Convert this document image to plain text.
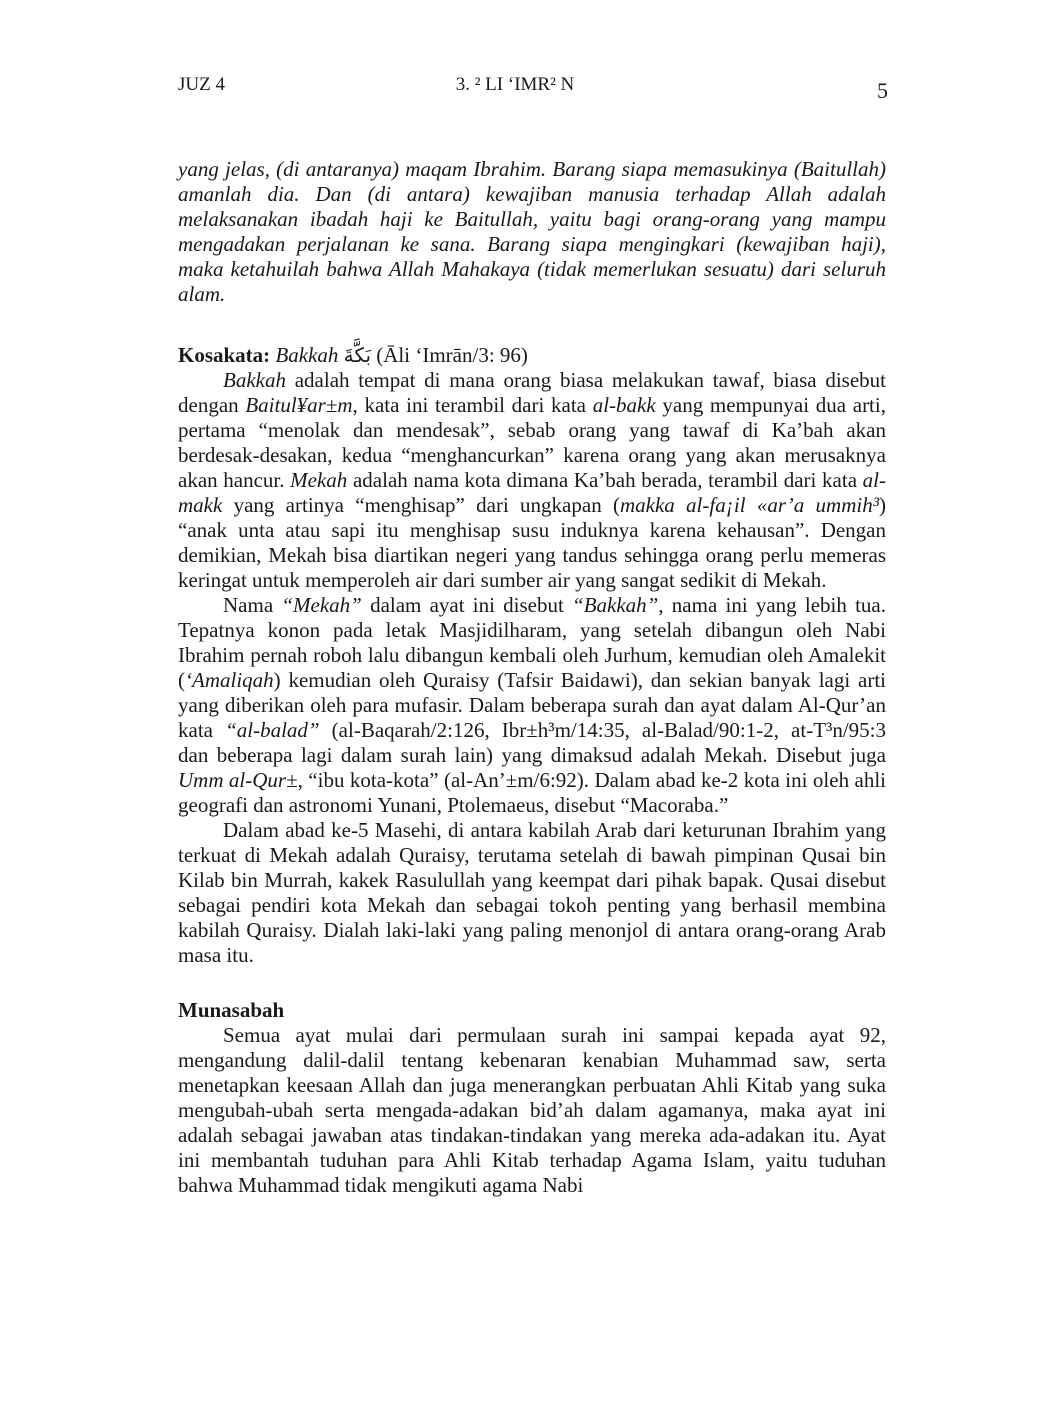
JUZ 4	3. ² LI ‘IMR² N	5

yang jelas, (di antaranya) maqam Ibrahim. Barang siapa memasukinya (Baitullah) amanlah dia. Dan (di antara) kewajiban manusia terhadap Allah adalah melaksanakan ibadah haji ke Baitullah, yaitu bagi orang-orang yang mampu mengadakan perjalanan ke sana. Barang siapa mengingkari (kewajiban haji), maka ketahuilah bahwa Allah Mahakaya (tidak memerlukan sesuatu) dari seluruh alam.

Kosakata: Bakkah بَكَّةَ (Āli ‘Imrān/3: 96)

Bakkah adalah tempat di mana orang biasa melakukan tawaf, biasa disebut dengan Baitul¥ar±m, kata ini terambil dari kata al-bakk yang mempunyai dua arti, pertama “menolak dan mendesak”, sebab orang yang tawaf di Ka’bah akan berdesak-desakan, kedua “menghancurkan” karena orang yang akan merusaknya akan hancur. Mekah adalah nama kota dimana Ka’bah berada, terambil dari kata al-makk yang artinya “menghisap” dari ungkapan (makka al-fa¡il «ar’a ummih³) “anak unta atau sapi itu menghisap susu induknya karena kehausan”. Dengan demikian, Mekah bisa diartikan negeri yang tandus sehingga orang perlu memeras keringat untuk memperoleh air dari sumber air yang sangat sedikit di Mekah.

Nama “Mekah” dalam ayat ini disebut “Bakkah”, nama ini yang lebih tua. Tepatnya konon pada letak Masjidilharam, yang setelah dibangun oleh Nabi Ibrahim pernah roboh lalu dibangun kembali oleh Jurhum, kemudian oleh Amalekit (‘Amaliqah) kemudian oleh Quraisy (Tafsir Baidawi), dan sekian banyak lagi arti yang diberikan oleh para mufasir. Dalam beberapa surah dan ayat dalam Al-Qur’an kata “al-balad” (al-Baqarah/2:126, Ibr±h³m/14:35, al-Balad/90:1-2, at-T³n/95:3 dan beberapa lagi dalam surah lain) yang dimaksud adalah Mekah. Disebut juga Umm al-Qur±, “ibu kota-kota” (al-An’±m/6:92). Dalam abad ke-2 kota ini oleh ahli geografi dan astronomi Yunani, Ptolemaeus, disebut “Macoraba.”

Dalam abad ke-5 Masehi, di antara kabilah Arab dari keturunan Ibrahim yang terkuat di Mekah adalah Quraisy, terutama setelah di bawah pimpinan Qusai bin Kilab bin Murrah, kakek Rasulullah yang keempat dari pihak bapak. Qusai disebut sebagai pendiri kota Mekah dan sebagai tokoh penting yang berhasil membina kabilah Quraisy. Dialah laki-laki yang paling menonjol di antara orang-orang Arab masa itu.

Munasabah

Semua ayat mulai dari permulaan surah ini sampai kepada ayat 92, mengandung dalil-dalil tentang kebenaran kenabian Muhammad saw, serta menetapkan keesaan Allah dan juga menerangkan perbuatan Ahli Kitab yang suka mengubah-ubah serta mengada-adakan bid’ah dalam agamanya, maka ayat ini adalah sebagai jawaban atas tindakan-tindakan yang mereka ada-adakan itu. Ayat ini membantah tuduhan para Ahli Kitab terhadap Agama Islam, yaitu tuduhan bahwa Muhammad tidak mengikuti agama Nabi
